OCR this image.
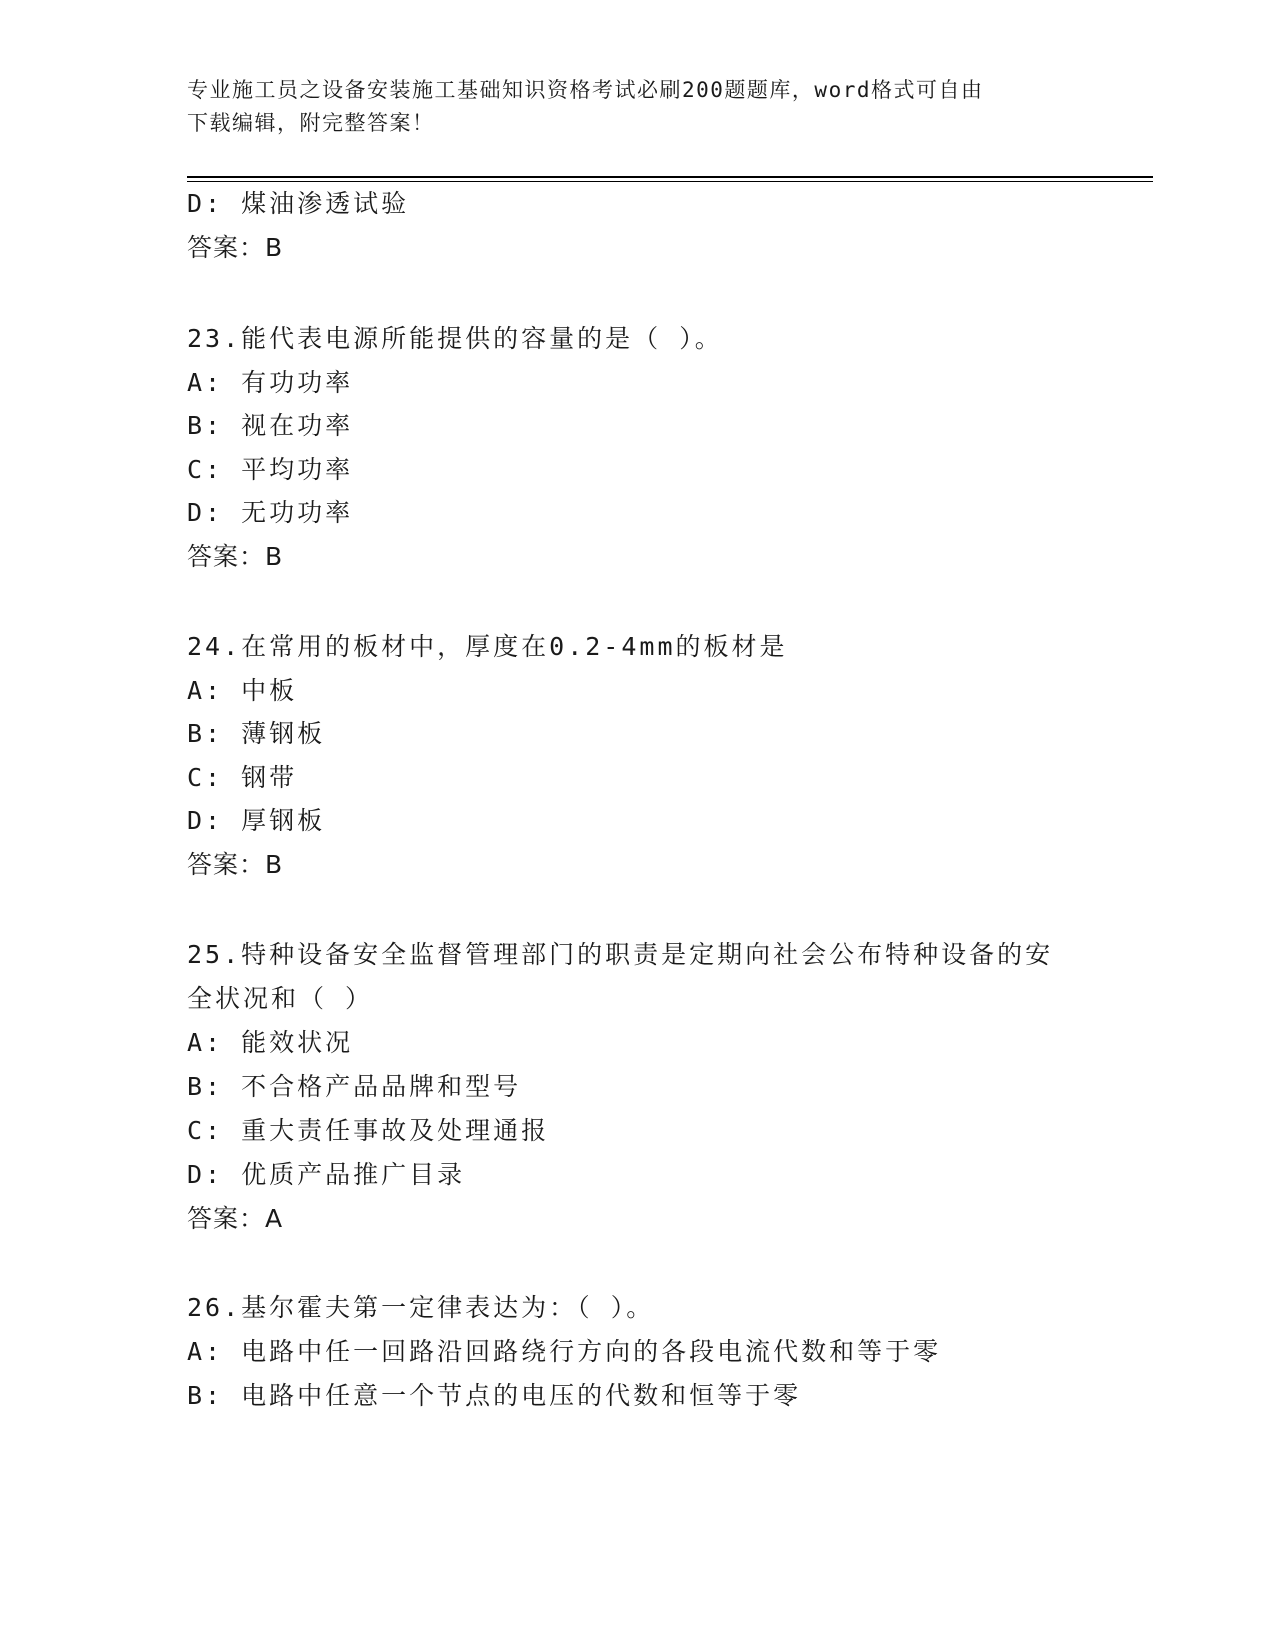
专业施工员之设备安装施工基础知识资格考试必刷200题题库，word格式可自由
下载编辑，附完整答案！
D: 煤油渗透试验
答案：B
23.能代表电源所能提供的容量的是（ ）。
A: 有功功率
B: 视在功率
C: 平均功率
D: 无功功率
答案：B
24.在常用的板材中，厚度在0.2-4mm的板材是
A: 中板
B: 薄钢板
C: 钢带
D: 厚钢板
答案：B
25.特种设备安全监督管理部门的职责是定期向社会公布特种设备的安
全状况和（ ）
A: 能效状况
B: 不合格产品品牌和型号
C: 重大责任事故及处理通报
D: 优质产品推广目录
答案：A
26.基尔霍夫第一定律表达为：（ ）。
A: 电路中任一回路沿回路绕行方向的各段电流代数和等于零
B: 电路中任意一个节点的电压的代数和恒等于零
